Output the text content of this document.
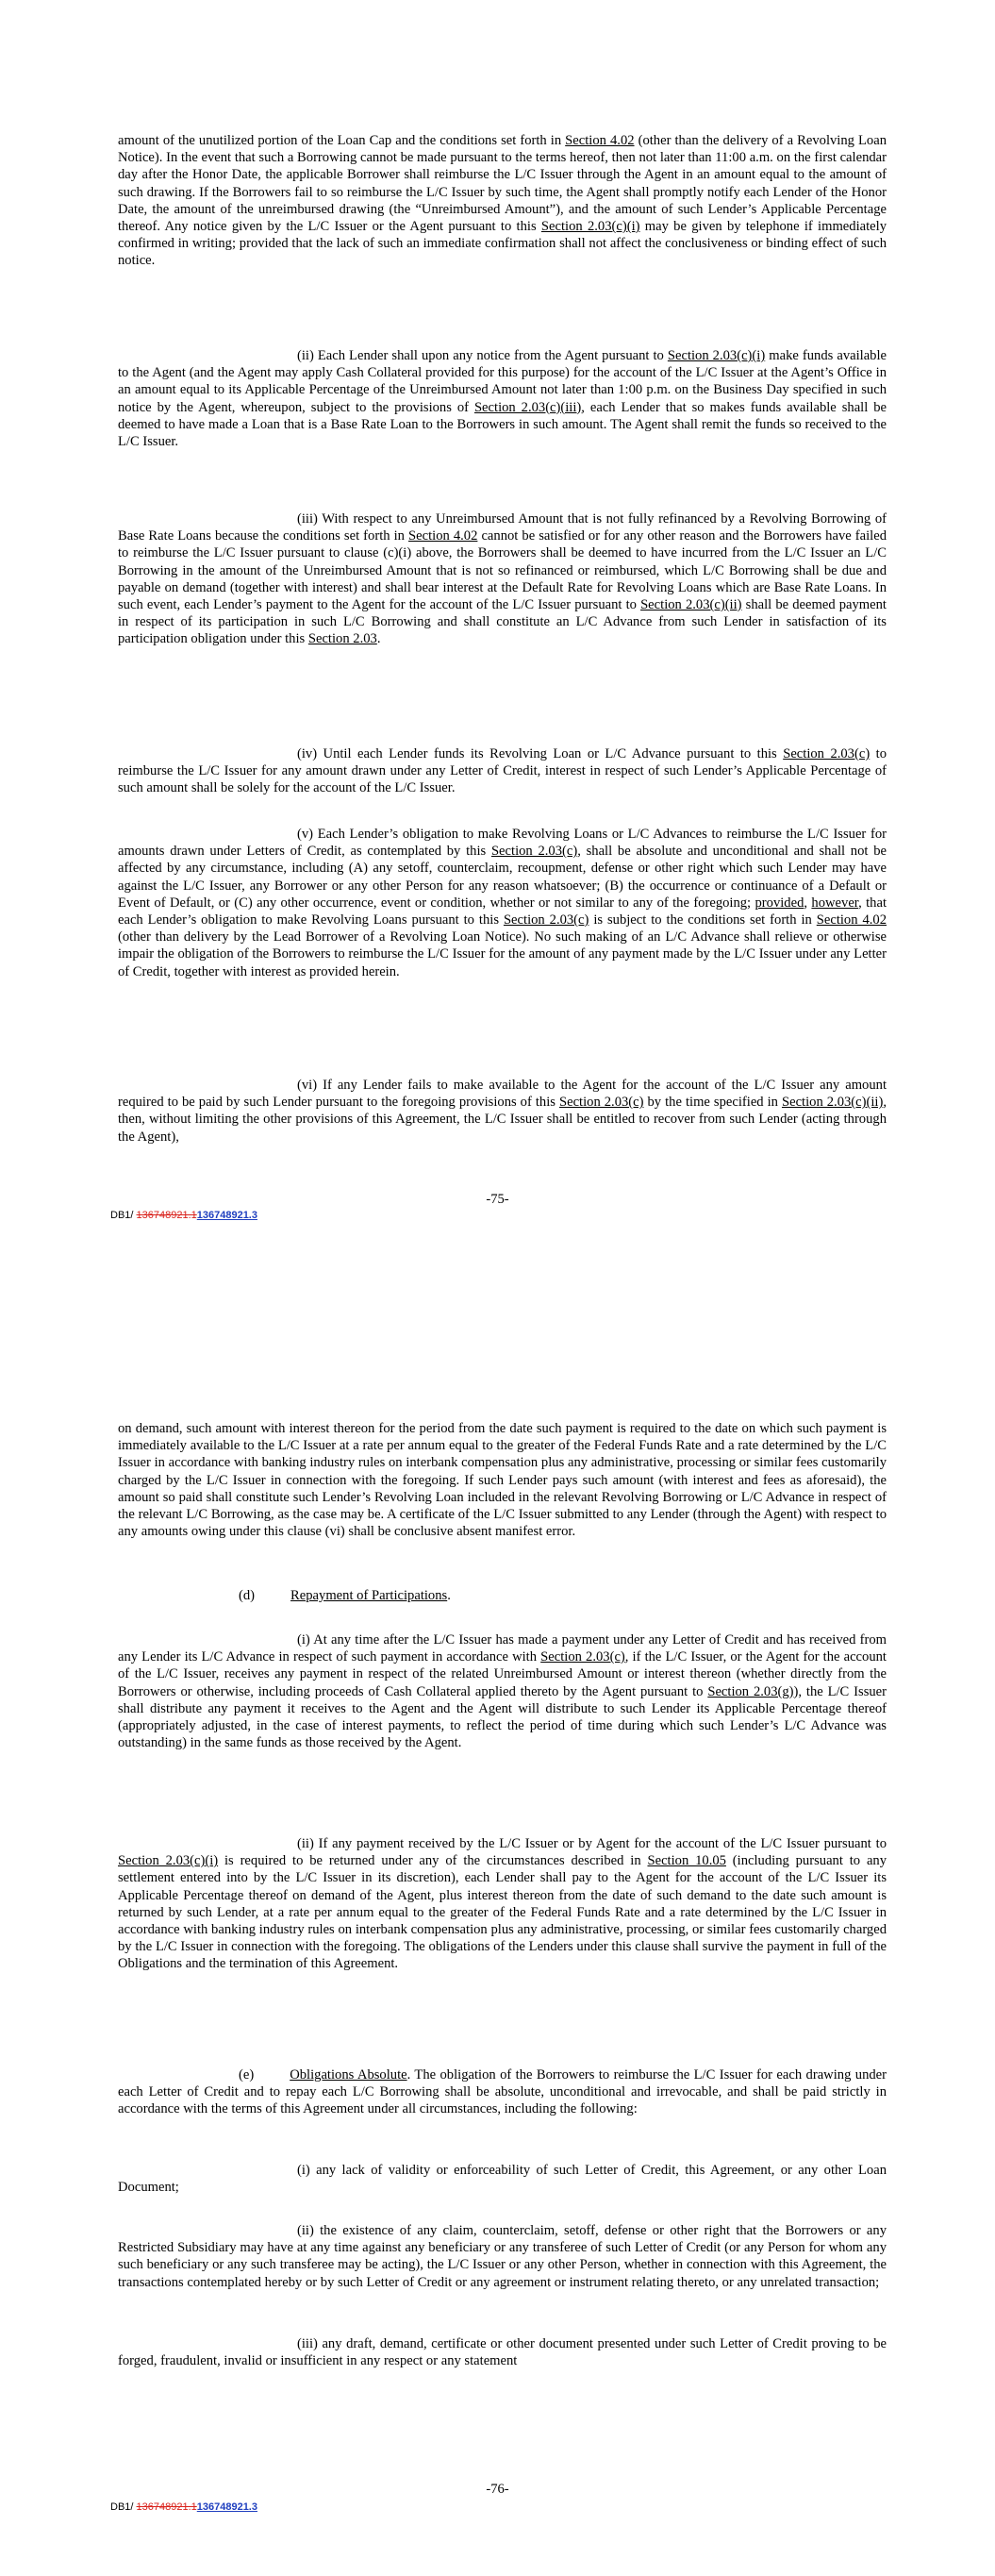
amount of the unutilized portion of the Loan Cap and the conditions set forth in Section 4.02 (other than the delivery of a Revolving Loan Notice). In the event that such a Borrowing cannot be made pursuant to the terms hereof, then not later than 11:00 a.m. on the first calendar day after the Honor Date, the applicable Borrower shall reimburse the L/C Issuer through the Agent in an amount equal to the amount of such drawing. If the Borrowers fail to so reimburse the L/C Issuer by such time, the Agent shall promptly notify each Lender of the Honor Date, the amount of the unreimbursed drawing (the “Unreimbursed Amount”), and the amount of such Lender’s Applicable Percentage thereof. Any notice given by the L/C Issuer or the Agent pursuant to this Section 2.03(c)(i) may be given by telephone if immediately confirmed in writing; provided that the lack of such an immediate confirmation shall not affect the conclusiveness or binding effect of such notice.

(ii) Each Lender shall upon any notice from the Agent pursuant to Section 2.03(c)(i) make funds available to the Agent (and the Agent may apply Cash Collateral provided for this purpose) for the account of the L/C Issuer at the Agent’s Office in an amount equal to its Applicable Percentage of the Unreimbursed Amount not later than 1:00 p.m. on the Business Day specified in such notice by the Agent, whereupon, subject to the provisions of Section 2.03(c)(iii), each Lender that so makes funds available shall be deemed to have made a Loan that is a Base Rate Loan to the Borrowers in such amount. The Agent shall remit the funds so received to the L/C Issuer.

(iii) With respect to any Unreimbursed Amount that is not fully refinanced by a Revolving Borrowing of Base Rate Loans because the conditions set forth in Section 4.02 cannot be satisfied or for any other reason and the Borrowers have failed to reimburse the L/C Issuer pursuant to clause (c)(i) above, the Borrowers shall be deemed to have incurred from the L/C Issuer an L/C Borrowing in the amount of the Unreimbursed Amount that is not so refinanced or reimbursed, which L/C Borrowing shall be due and payable on demand (together with interest) and shall bear interest at the Default Rate for Revolving Loans which are Base Rate Loans. In such event, each Lender’s payment to the Agent for the account of the L/C Issuer pursuant to Section 2.03(c)(ii) shall be deemed payment in respect of its participation in such L/C Borrowing and shall constitute an L/C Advance from such Lender in satisfaction of its participation obligation under this Section 2.03.

(iv) Until each Lender funds its Revolving Loan or L/C Advance pursuant to this Section 2.03(c) to reimburse the L/C Issuer for any amount drawn under any Letter of Credit, interest in respect of such Lender’s Applicable Percentage of such amount shall be solely for the account of the L/C Issuer.

(v) Each Lender’s obligation to make Revolving Loans or L/C Advances to reimburse the L/C Issuer for amounts drawn under Letters of Credit, as contemplated by this Section 2.03(c), shall be absolute and unconditional and shall not be affected by any circumstance, including (A) any setoff, counterclaim, recoupment, defense or other right which such Lender may have against the L/C Issuer, any Borrower or any other Person for any reason whatsoever; (B) the occurrence or continuance of a Default or Event of Default, or (C) any other occurrence, event or condition, whether or not similar to any of the foregoing; provided, however, that each Lender’s obligation to make Revolving Loans pursuant to this Section 2.03(c) is subject to the conditions set forth in Section 4.02 (other than delivery by the Lead Borrower of a Revolving Loan Notice). No such making of an L/C Advance shall relieve or otherwise impair the obligation of the Borrowers to reimburse the L/C Issuer for the amount of any payment made by the L/C Issuer under any Letter of Credit, together with interest as provided herein.

(vi) If any Lender fails to make available to the Agent for the account of the L/C Issuer any amount required to be paid by such Lender pursuant to the foregoing provisions of this Section 2.03(c) by the time specified in Section 2.03(c)(ii), then, without limiting the other provisions of this Agreement, the L/C Issuer shall be entitled to recover from such Lender (acting through the Agent),

-75-
DB1/ 136748921.1136748921.3

on demand, such amount with interest thereon for the period from the date such payment is required to the date on which such payment is immediately available to the L/C Issuer at a rate per annum equal to the greater of the Federal Funds Rate and a rate determined by the L/C Issuer in accordance with banking industry rules on interbank compensation plus any administrative, processing or similar fees customarily charged by the L/C Issuer in connection with the foregoing. If such Lender pays such amount (with interest and fees as aforesaid), the amount so paid shall constitute such Lender’s Revolving Loan included in the relevant Revolving Borrowing or L/C Advance in respect of the relevant L/C Borrowing, as the case may be. A certificate of the L/C Issuer submitted to any Lender (through the Agent) with respect to any amounts owing under this clause (vi) shall be conclusive absent manifest error.

(d)	Repayment of Participations.

(i) At any time after the L/C Issuer has made a payment under any Letter of Credit and has received from any Lender its L/C Advance in respect of such payment in accordance with Section 2.03(c), if the L/C Issuer, or the Agent for the account of the L/C Issuer, receives any payment in respect of the related Unreimbursed Amount or interest thereon (whether directly from the Borrowers or otherwise, including proceeds of Cash Collateral applied thereto by the Agent pursuant to Section 2.03(g)), the L/C Issuer shall distribute any payment it receives to the Agent and the Agent will distribute to such Lender its Applicable Percentage thereof (appropriately adjusted, in the case of interest payments, to reflect the period of time during which such Lender’s L/C Advance was outstanding) in the same funds as those received by the Agent.

(ii) If any payment received by the L/C Issuer or by Agent for the account of the L/C Issuer pursuant to Section 2.03(c)(i) is required to be returned under any of the circumstances described in Section 10.05 (including pursuant to any settlement entered into by the L/C Issuer in its discretion), each Lender shall pay to the Agent for the account of the L/C Issuer its Applicable Percentage thereof on demand of the Agent, plus interest thereon from the date of such demand to the date such amount is returned by such Lender, at a rate per annum equal to the greater of the Federal Funds Rate and a rate determined by the L/C Issuer in accordance with banking industry rules on interbank compensation plus any administrative, processing, or similar fees customarily charged by the L/C Issuer in connection with the foregoing. The obligations of the Lenders under this clause shall survive the payment in full of the Obligations and the termination of this Agreement.

(e)	Obligations Absolute. The obligation of the Borrowers to reimburse the L/C Issuer for each drawing under each Letter of Credit and to repay each L/C Borrowing shall be absolute, unconditional and irrevocable, and shall be paid strictly in accordance with the terms of this Agreement under all circumstances, including the following:

(i) any lack of validity or enforceability of such Letter of Credit, this Agreement, or any other Loan Document;

(ii) the existence of any claim, counterclaim, setoff, defense or other right that the Borrowers or any Restricted Subsidiary may have at any time against any beneficiary or any transferee of such Letter of Credit (or any Person for whom any such beneficiary or any such transferee may be acting), the L/C Issuer or any other Person, whether in connection with this Agreement, the transactions contemplated hereby or by such Letter of Credit or any agreement or instrument relating thereto, or any unrelated transaction;

(iii) any draft, demand, certificate or other document presented under such Letter of Credit proving to be forged, fraudulent, invalid or insufficient in any respect or any statement

-76-
DB1/ 136748921.1136748921.3
